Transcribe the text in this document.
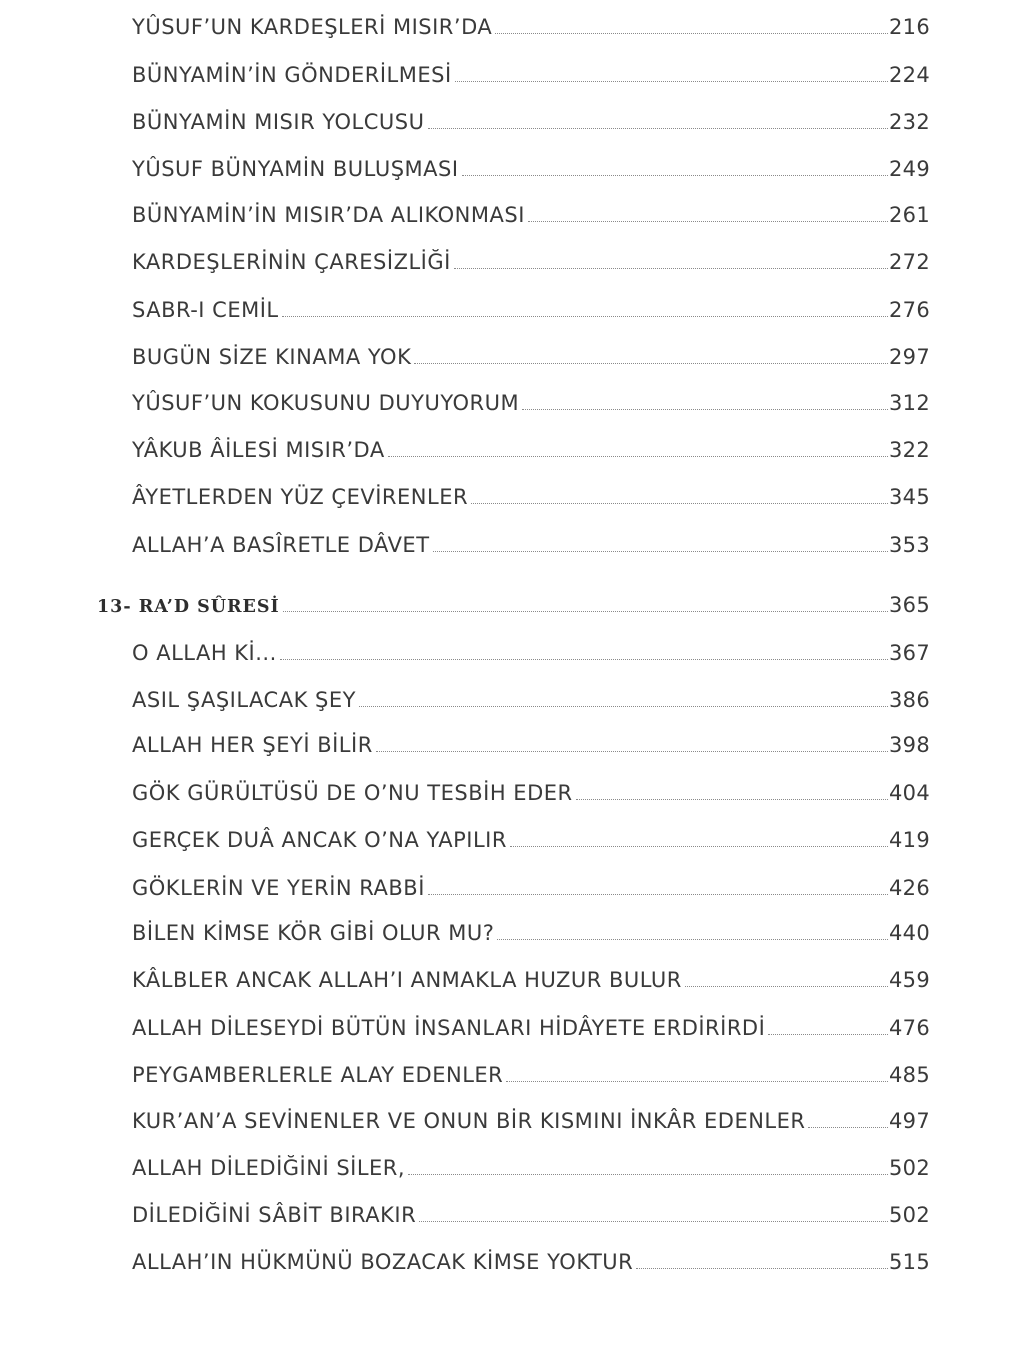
YÛSUF’UN KARDEŞLERİ MISIR’DA	216
BÜNYAMİN’İN GÖNDERİLMESİ	224
BÜNYAMİN MISIR YOLCUSU	232
YÛSUF BÜNYAMİN BULUŞMASI	249
BÜNYAMİN’İN MISIR’DA ALIKONMASI	261
KARDEŞLERİNİN ÇARESİZLİĞİ	272
SABR-I CEMİL	276
BUGÜN SİZE KINAMA YOK	297
YÛSUF’UN KOKUSUNU DUYUYORUM	312
YÂKUB ÂİLESİ MISIR’DA	322
ÂYETLERDEN YÜZ ÇEVİRENLER	345
ALLAH’A BASÎRETLE DÂVET	353
13- RA’D SÛRESİ	365
O ALLAH Kİ...	367
ASIL ŞAŞILACAK ŞEY	386
ALLAH HER ŞEYİ BİLİR	398
GÖK GÜRÜLTÜSÜ DE O’NU TESBİH EDER	404
GERÇEK DUÂ ANCAK O’NA YAPILIR	419
GÖKLERİN VE YERİN RABBİ	426
BİLEN KİMSE KÖR GİBİ OLUR MU?	440
KÂLBLER ANCAK ALLAH’I ANMAKLA HUZUR BULUR	459
ALLAH DİLESEYDİ BÜTÜN İNSANLARI HİDÂYETE ERDİRİRDİ	476
PEYGAMBERLERLE ALAY EDENLER	485
KUR’AN’A SEVİNENLER VE ONUN BİR KISMINI İNKÂR EDENLER	497
ALLAH DİLEDİĞİNİ SİLER,	502
DİLEDİĞİNİ SÂBİT BIRAKIR	502
ALLAH’IN HÜKMÜNÜ BOZACAK KİMSE YOKTUR	515
